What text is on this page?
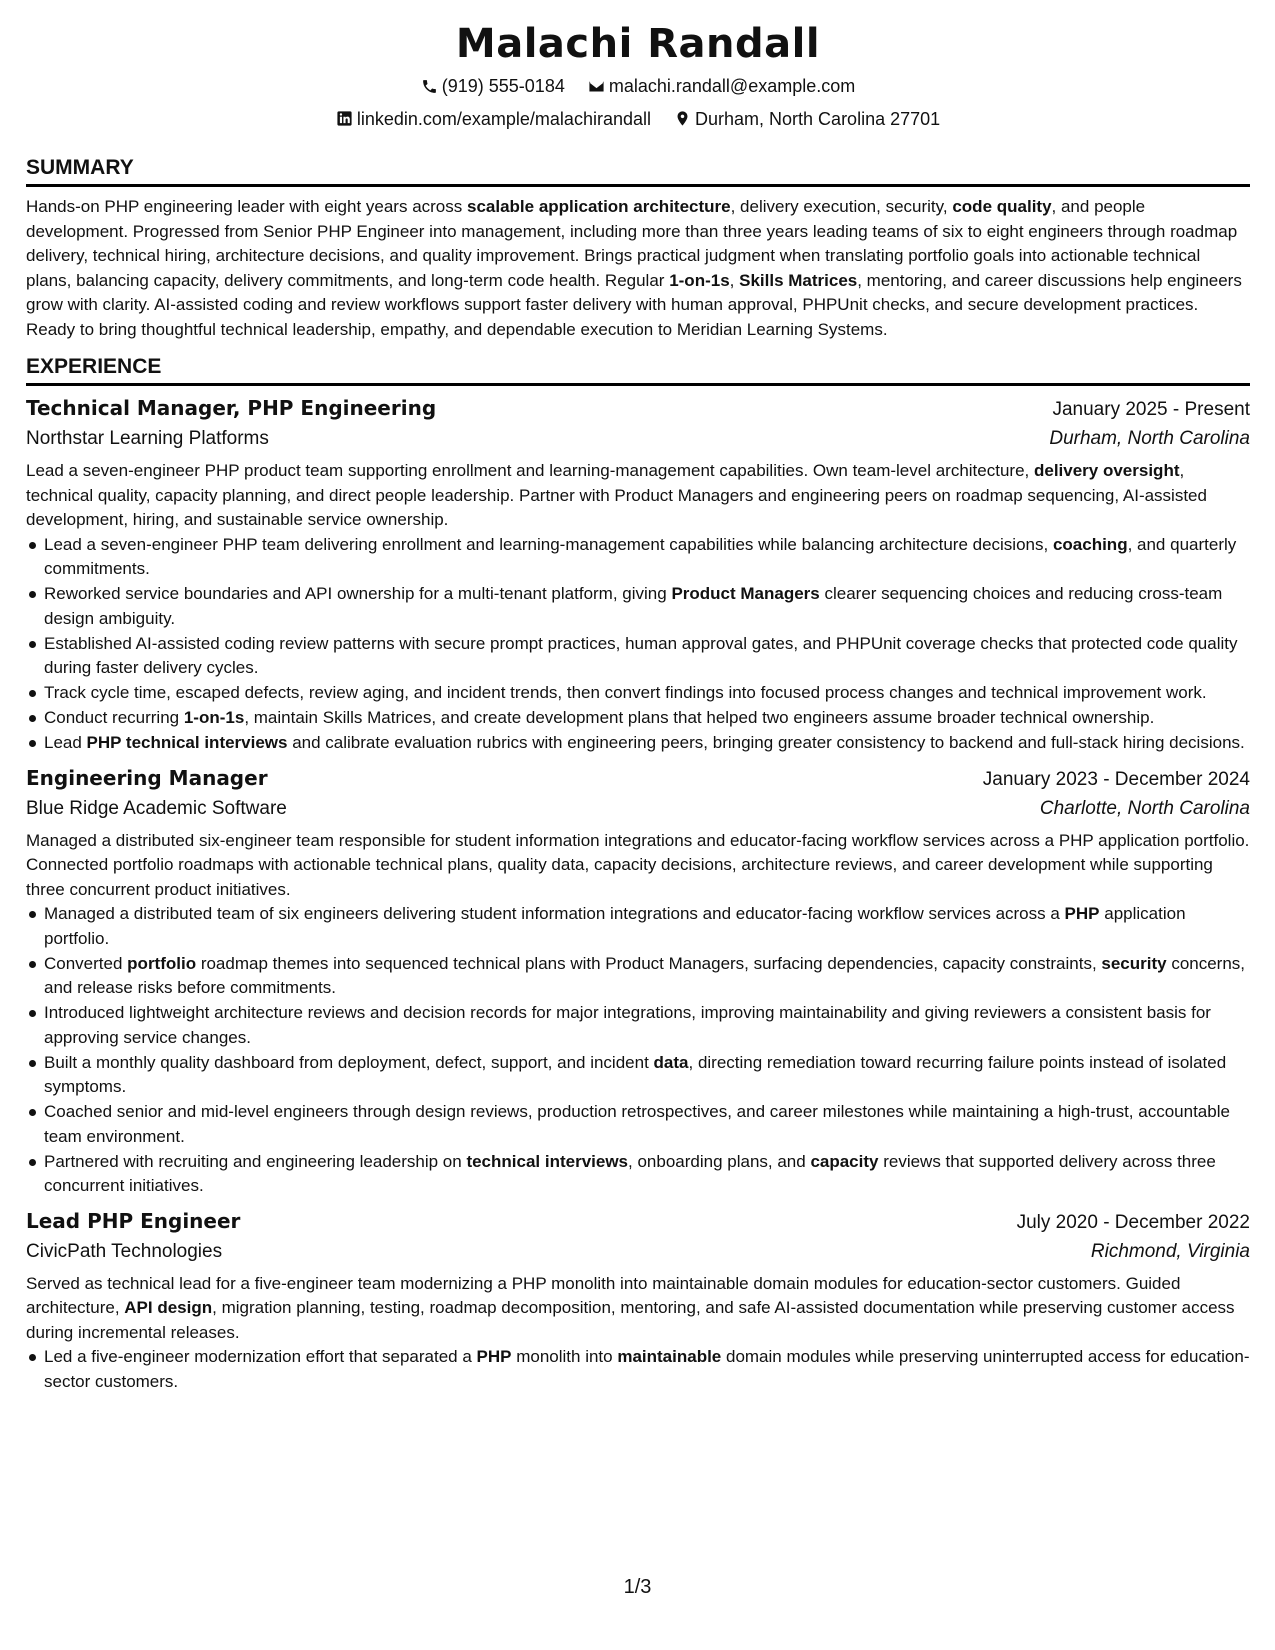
Malachi Randall
(919) 555-0184
malachi.randall@example.com
linkedin.com/example/malachirandall
Durham, North Carolina 27701
SUMMARY

Hands-on PHP engineering leader with eight years across scalable application architecture, delivery execution, security, code quality, and people development. Progressed from Senior PHP Engineer into management, including more than three years leading teams of six to eight engineers through roadmap delivery, technical hiring, architecture decisions, and quality improvement. Brings practical judgment when translating portfolio goals into actionable technical plans, balancing capacity, delivery commitments, and long-term code health. Regular 1-on-1s, Skills Matrices, mentoring, and career discussions help engineers grow with clarity. AI-assisted coding and review workflows support faster delivery with human approval, PHPUnit checks, and secure development practices. Ready to bring thoughtful technical leadership, empathy, and dependable execution to Meridian Learning Systems.

EXPERIENCE
Technical Manager, PHP Engineering	January 2025 - Present
Northstar Learning Platforms	Durham, North Carolina

Lead a seven-engineer PHP product team supporting enrollment and learning-management capabilities. Own team-level architecture, delivery oversight, technical quality, capacity planning, and direct people leadership. Partner with Product Managers and engineering peers on roadmap sequencing, AI-assisted development, hiring, and sustainable service ownership.

Lead a seven-engineer PHP team delivering enrollment and learning-management capabilities while balancing architecture decisions, coaching, and quarterly commitments.
Reworked service boundaries and API ownership for a multi-tenant platform, giving Product Managers clearer sequencing choices and reducing cross-team design ambiguity.
Established AI-assisted coding review patterns with secure prompt practices, human approval gates, and PHPUnit coverage checks that protected code quality during faster delivery cycles.
Track cycle time, escaped defects, review aging, and incident trends, then convert findings into focused process changes and technical improvement work.
Conduct recurring 1-on-1s, maintain Skills Matrices, and create development plans that helped two engineers assume broader technical ownership.
Lead PHP technical interviews and calibrate evaluation rubrics with engineering peers, bringing greater consistency to backend and full-stack hiring decisions.
Engineering Manager	January 2023 - December 2024
Blue Ridge Academic Software	Charlotte, North Carolina

Managed a distributed six-engineer team responsible for student information integrations and educator-facing workflow services across a PHP application portfolio. Connected portfolio roadmaps with actionable technical plans, quality data, capacity decisions, architecture reviews, and career development while supporting three concurrent product initiatives.

Managed a distributed team of six engineers delivering student information integrations and educator-facing workflow services across a PHP application portfolio.
Converted portfolio roadmap themes into sequenced technical plans with Product Managers, surfacing dependencies, capacity constraints, security concerns, and release risks before commitments.
Introduced lightweight architecture reviews and decision records for major integrations, improving maintainability and giving reviewers a consistent basis for approving service changes.
Built a monthly quality dashboard from deployment, defect, support, and incident data, directing remediation toward recurring failure points instead of isolated symptoms.
Coached senior and mid-level engineers through design reviews, production retrospectives, and career milestones while maintaining a high-trust, accountable team environment.
Partnered with recruiting and engineering leadership on technical interviews, onboarding plans, and capacity reviews that supported delivery across three concurrent initiatives.
Lead PHP Engineer	July 2020 - December 2022
CivicPath Technologies	Richmond, Virginia

Served as technical lead for a five-engineer team modernizing a PHP monolith into maintainable domain modules for education-sector customers. Guided architecture, API design, migration planning, testing, roadmap decomposition, mentoring, and safe AI-assisted documentation while preserving customer access during incremental releases.

Led a five-engineer modernization effort that separated a PHP monolith into maintainable domain modules while preserving uninterrupted access for education-sector customers.
1/3
